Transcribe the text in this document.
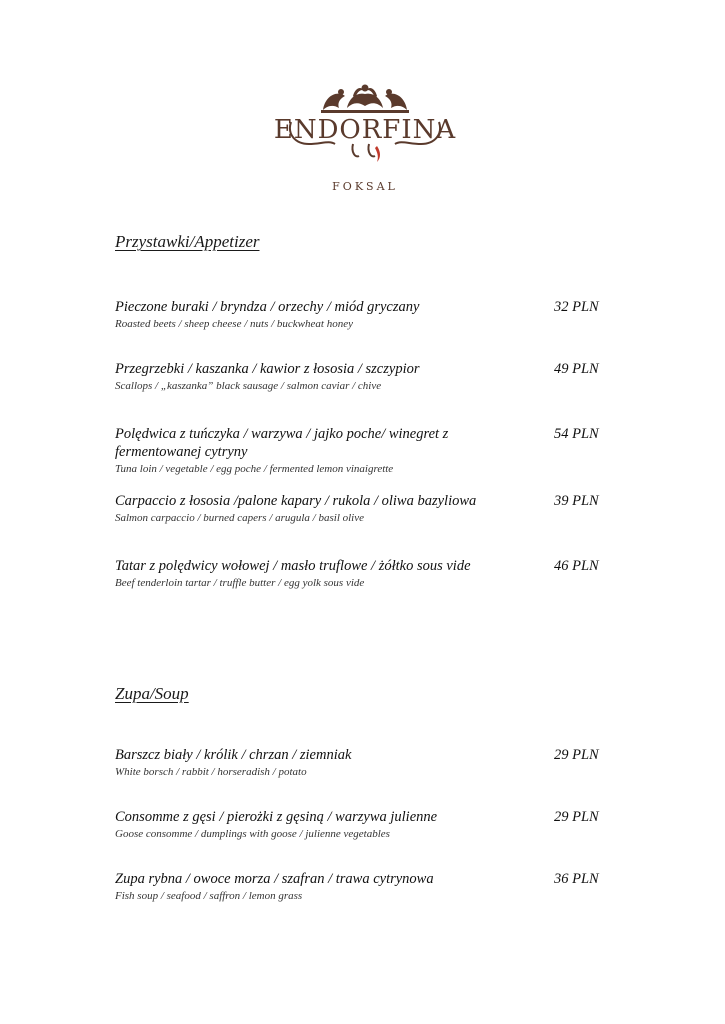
ENDORFINA
FOKSAL
Przystawki/Appetizer
Pieczone buraki / bryndza / orzechy / miód gryczany
Roasted beets / sheep cheese / nuts / buckwheat honey
32 PLN
Przegrzebki / kaszanka / kawior z łososia / szczypior
Scallops / „kaszanka” black sausage / salmon caviar / chive
49 PLN
Polędwica z tuńczyka / warzywa / jajko poche/ winegret z fermentowanej cytryny
Tuna loin / vegetable / egg poche / fermented lemon vinaigrette
54 PLN
Carpaccio z łososia /palone kapary / rukola / oliwa bazyliowa
Salmon carpaccio / burned capers / arugula / basil olive
39 PLN
Tatar z polędwicy wołowej / masło truflowe / żółtko sous vide
Beef tenderloin tartar / truffle butter / egg yolk sous vide
46 PLN
Zupa/Soup
Barszcz biały / królik / chrzan / ziemniak
White borsch / rabbit / horseradish / potato
29 PLN
Consomme z gęsi / pierożki z gęsiną / warzywa julienne
Goose consomme / dumplings with goose / julienne vegetables
29 PLN
Zupa rybna / owoce morza / szafran / trawa cytrynowa
Fish soup / seafood / saffron / lemon grass
36 PLN
